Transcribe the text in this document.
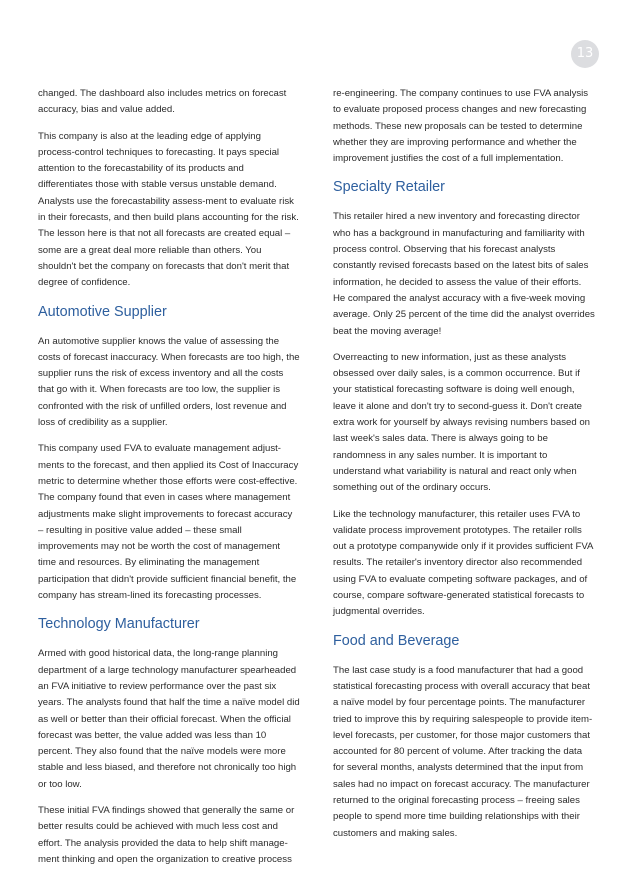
13

changed. The dashboard also includes metrics on forecast accuracy, bias and value added.

This company is also at the leading edge of applying process-control techniques to forecasting. It pays special attention to the forecastability of its products and differentiates those with stable versus unstable demand. Analysts use the forecastability assess-ment to evaluate risk in their forecasts, and then build plans accounting for the risk. The lesson here is that not all forecasts are created equal – some are a great deal more reliable than others. You shouldn't bet the company on forecasts that don't merit that degree of confidence.

Automotive Supplier

An automotive supplier knows the value of assessing the costs of forecast inaccuracy. When forecasts are too high, the supplier runs the risk of excess inventory and all the costs that go with it. When forecasts are too low, the supplier is confronted with the risk of unfilled orders, lost revenue and loss of credibility as a supplier.

This company used FVA to evaluate management adjust-ments to the forecast, and then applied its Cost of Inaccuracy metric to determine whether those efforts were cost-effective. The company found that even in cases where management adjustments make slight improvements to forecast accuracy – resulting in positive value added – these small improvements may not be worth the cost of management time and resources. By eliminating the management participation that didn't provide sufficient financial benefit, the company has stream-lined its forecasting processes.

Technology Manufacturer

Armed with good historical data, the long-range planning department of a large technology manufacturer spearheaded an FVA initiative to review performance over the past six years. The analysts found that half the time a naïve model did as well or better than their official forecast. When the official forecast was better, the value added was less than 10 percent. They also found that the naïve models were more stable and less biased, and therefore not chronically too high or too low.

These initial FVA findings showed that generally the same or better results could be achieved with much less cost and effort. The analysis provided the data to help shift manage-ment thinking and open the organization to creative process

re-engineering. The company continues to use FVA analysis to evaluate proposed process changes and new forecasting methods. These new proposals can be tested to determine whether they are improving performance and whether the improvement justifies the cost of a full implementation.

Specialty Retailer

This retailer hired a new inventory and forecasting director who has a background in manufacturing and familiarity with process control. Observing that his forecast analysts constantly revised forecasts based on the latest bits of sales information, he decided to assess the value of their efforts. He compared the analyst accuracy with a five-week moving average. Only 25 percent of the time did the analyst overrides beat the moving average!

Overreacting to new information, just as these analysts obsessed over daily sales, is a common occurrence. But if your statistical forecasting software is doing well enough, leave it alone and don't try to second-guess it. Don't create extra work for yourself by always revising numbers based on last week's sales data. There is always going to be randomness in any sales number. It is important to understand what variability is natural and react only when something out of the ordinary occurs.

Like the technology manufacturer, this retailer uses FVA to validate process improvement prototypes. The retailer rolls out a prototype companywide only if it provides sufficient FVA results. The retailer's inventory director also recommended using FVA to evaluate competing software packages, and of course, compare software-generated statistical forecasts to judgmental overrides.

Food and Beverage

The last case study is a food manufacturer that had a good statistical forecasting process with overall accuracy that beat a naïve model by four percentage points. The manufacturer tried to improve this by requiring salespeople to provide item-level forecasts, per customer, for those major customers that accounted for 80 percent of volume. After tracking the data for several months, analysts determined that the input from sales had no impact on forecast accuracy. The manufacturer returned to the original forecasting process – freeing sales people to spend more time building relationships with their customers and making sales.
